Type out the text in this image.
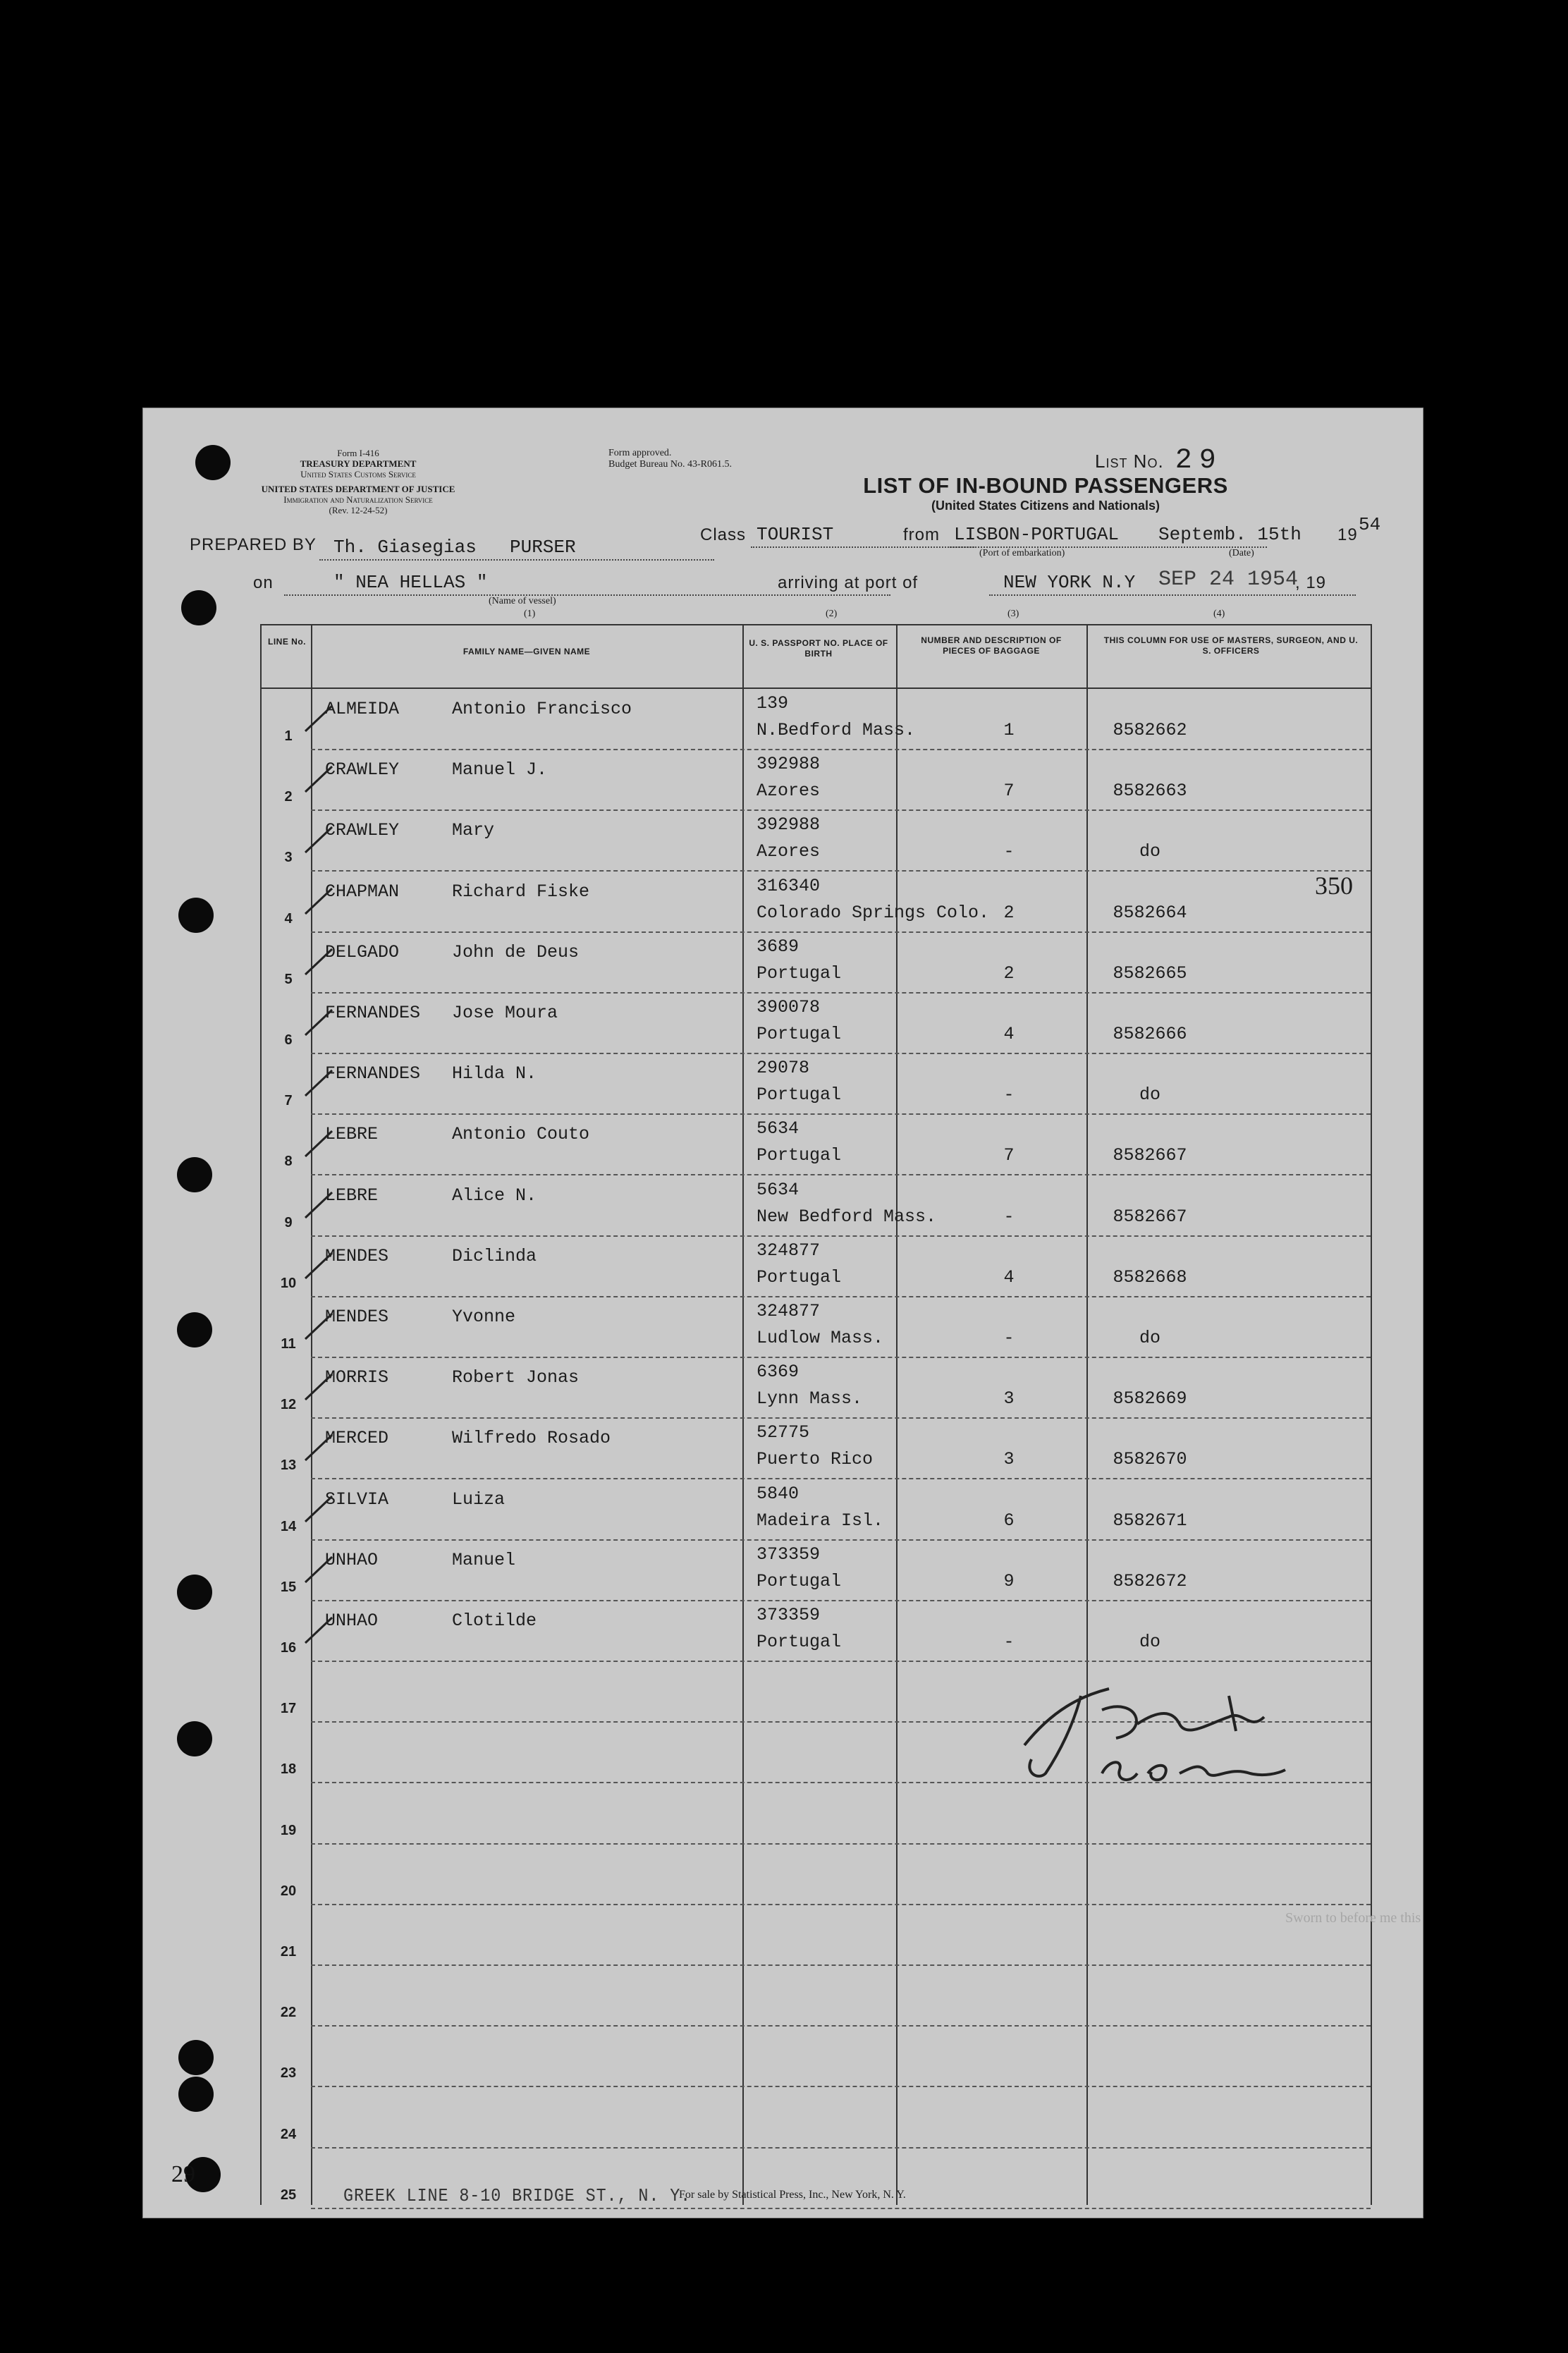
Form I-416
TREASURY DEPARTMENT
United States Customs Service
UNITED STATES DEPARTMENT OF JUSTICE
Immigration and Naturalization Service
(Rev. 12-24-52)
Form approved.
Budget Bureau No. 43-R061.5.	List No. 29
LIST OF IN-BOUND PASSENGERS
(United States Citizens and Nationals)
PREPARED BY Th. Giasegias PURSER
Class TOURIST	from LISBON-PORTUGAL
(Port of embarkation)
Septemb. 15th
(Date)
19 54
on	" NEA HELLAS "
(Name of vessel)
arriving at port of	NEW YORK N.Y SEP 24 1954
, 19
(1)	(2)	(3)	(4)
350
LINE No.
FAMILY NAME—GIVEN NAME
U. S. PASSPORT NO. PLACE OF BIRTH
NUMBER AND DESCRIPTION OF PIECES OF BAGGAGE
THIS COLUMN FOR USE OF MASTERS, SURGEON, AND U. S. OFFICERS
1
ALMEIDA	Antonio Francisco	139
N.Bedford Mass.	1	8582662
2
CRAWLEY	Manuel J.	392988
Azores	7	8582663
3
CRAWLEY	Mary	392988
Azores	-	do
4
CHAPMAN	Richard Fiske	316340
Colorado Springs Colo. 2	8582664
5
DELGADO	John de Deus	3689
Portugal	2	8582665
6
FERNANDES Jose Moura	390078
Portugal	4	8582666
7
FERNANDES Hilda N.	29078
Portugal	-	do
8
LEBRE	Antonio Couto	5634
Portugal	7	8582667
9
LEBRE	Alice N.	5634
New Bedford Mass.	-	8582667
10
MENDES	Diclinda	324877
Portugal	4	8582668
11
MENDES	Yvonne	324877
Ludlow Mass.	-	do
12
MORRIS	Robert Jonas	6369
Lynn Mass.	3	8582669
13
MERCED	Wilfredo Rosado	52775
Puerto Rico	3	8582670
14
SILVIA	Luiza	5840
Madeira Isl.	6	8582671
15
UNHAO	Manuel	373359
Portugal	9	8582672
16
UNHAO	Clotilde	373359
Portugal	-	do
17
18
19
20
21
22
23
24
25
Sworn to before me this
GREEK LINE 8-10 BRIDGE ST., N. Y.
For sale by Statistical Press, Inc., New York, N. Y.
29
